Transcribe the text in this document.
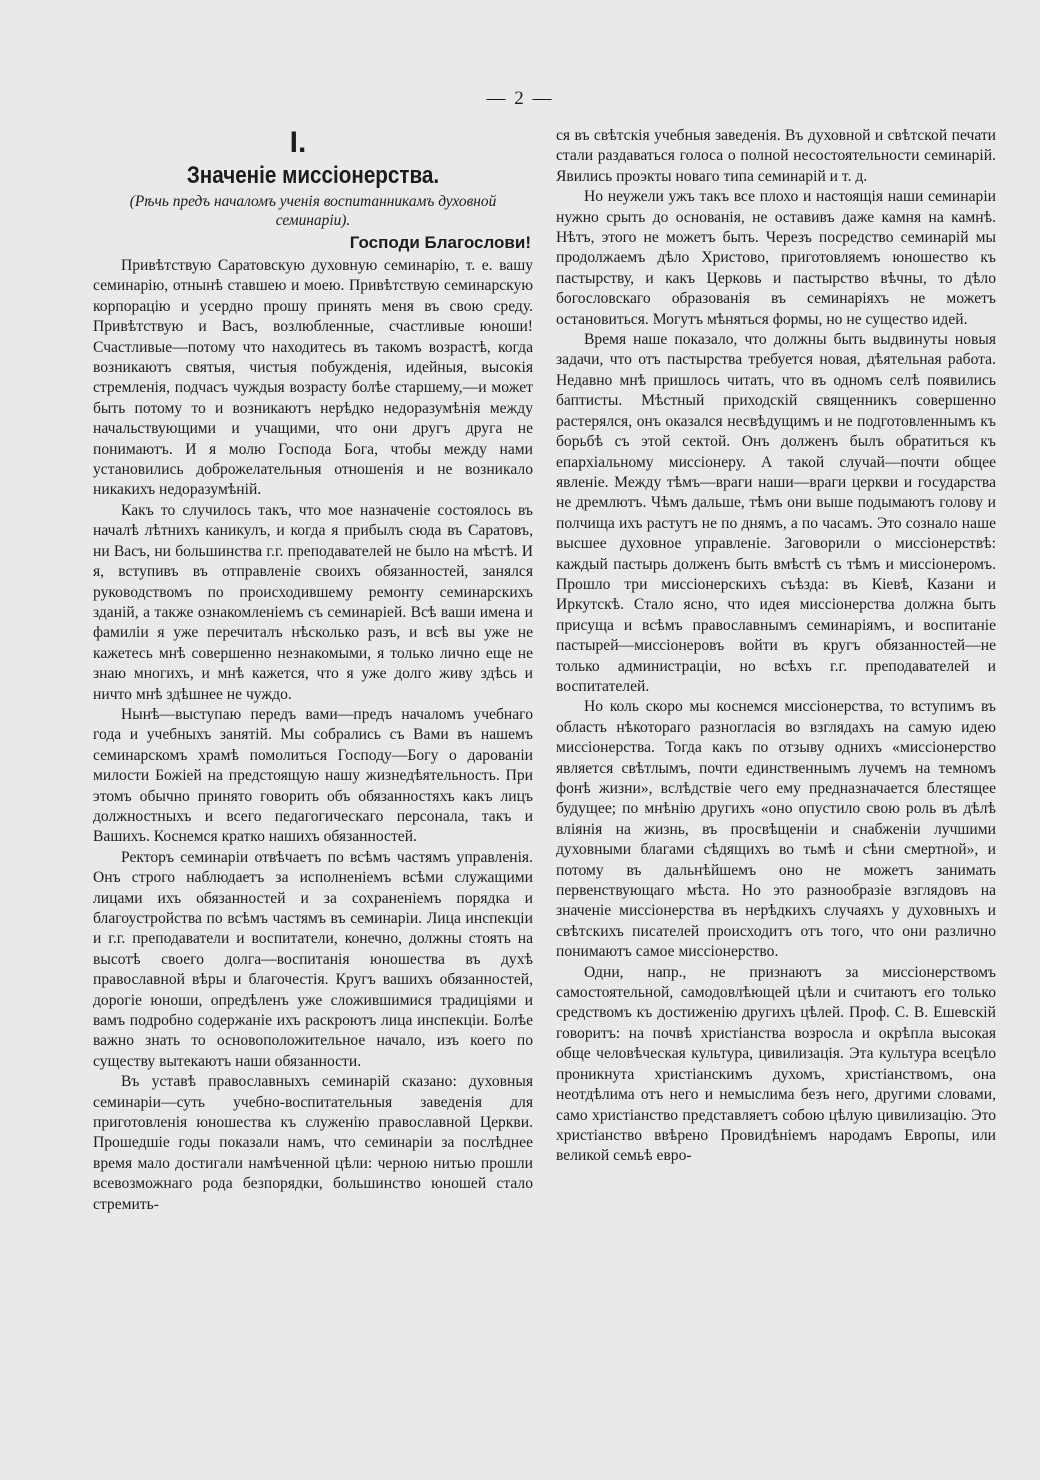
— 2 —
I.
Значеніе миссіонерства.
(Рѣчь предъ началомъ ученія воспитанникамъ духовной семинаріи).
Господи Благослови!

Привѣтствую Саратовскую духовную семинарію, т. е. вашу семинарію, отнынѣ ставшею и моею. Привѣтствую семинарскую корпорацію и усердно прошу принять меня въ свою среду. Привѣтствую и Васъ, возлюбленные, счастливые юноши! Счастливые—потому что находитесь въ такомъ возрастѣ, когда возникаютъ святыя, чистыя побужденія, идейныя, высокія стремленія, подчасъ чуждыя возрасту болѣе старшему,—и может быть потому то и возникаютъ нерѣдко недоразумѣнія между начальствующими и учащими, что они другъ друга не понимаютъ. И я молю Господа Бога, чтобы между нами установились доброжелательныя отношенія и не возникало никакихъ недоразумѣній.

Какъ то случилось такъ, что мое назначеніе состоялось въ началѣ лѣтнихъ каникулъ, и когда я прибылъ сюда въ Саратовъ, ни Васъ, ни большинства г.г. преподавателей не было на мѣстѣ. И я, вступивъ въ отправленіе своихъ обязанностей, занялся руководствомъ по происходившему ремонту семинарскихъ зданій, а также ознакомленіемъ съ семинаріей. Всѣ ваши имена и фамиліи я уже перечиталъ нѣсколько разъ, и всѣ вы уже не кажетесь мнѣ совершенно незнакомыми, я только лично еще не знаю многихъ, и мнѣ кажется, что я уже долго живу здѣсь и ничто мнѣ здѣшнее не чуждо.

Нынѣ—выступаю передъ вами—предъ началомъ учебнаго года и учебныхъ занятій. Мы собрались съ Вами въ нашемъ семинарскомъ храмѣ помолиться Господу—Богу о дарованіи милости Божіей на предстоящую нашу жизнедѣятельность. При этомъ обычно принято говорить объ обязанностяхъ какъ лицъ должностныхъ и всего педагогическаго персонала, такъ и Вашихъ. Коснемся кратко нашихъ обязанностей.

Ректоръ семинаріи отвѣчаетъ по всѣмъ частямъ управленія. Онъ строго наблюдаетъ за исполненіемъ всѣми служащими лицами ихъ обязанностей и за сохраненіемъ порядка и благоустройства по всѣмъ частямъ въ семинаріи. Лица инспекціи и г.г. преподаватели и воспитатели, конечно, должны стоять на высотѣ своего долга—воспитанія юношества въ духѣ православной вѣры и благочестія. Кругъ вашихъ обязанностей, дорогіе юноши, опредѣленъ уже сложившимися традиціями и вамъ подробно содержаніе ихъ раскроютъ лица инспекціи. Болѣе важно знать то основоположительное начало, изъ коего по существу вытекаютъ наши обязанности.

Въ уставѣ православныхъ семинарій сказано: духовныя семинаріи—суть учебно-воспитательныя заведенія для приготовленія юношества къ служенію православной Церкви. Прошедшіе годы показали намъ, что семинаріи за послѣднее время мало достигали намѣченной цѣли: черною нитью прошли всевозможнаго рода безпорядки, большинство юношей стало стремить-

ся въ свѣтскія учебныя заведенія. Въ духовной и свѣтской печати стали раздаваться голоса о полной несостоятельности семинарій. Явились проэкты новаго типа семинарій и т. д.

Но неужели ужъ такъ все плохо и настоящія наши семинаріи нужно срыть до основанія, не оставивъ даже камня на камнѣ. Нѣтъ, этого не можетъ быть. Черезъ посредство семинарій мы продолжаемъ дѣло Христово, приготовляемъ юношество къ пастырству, и какъ Церковь и пастырство вѣчны, то дѣло богословскаго образованія въ семинаріяхъ не можетъ остановиться. Могутъ мѣняться формы, но не существо идей.

Время наше показало, что должны быть выдвинуты новыя задачи, что отъ пастырства требуется новая, дѣятельная работа. Недавно мнѣ пришлось читать, что въ одномъ селѣ появились баптисты. Мѣстный приходскій священникъ совершенно растерялся, онъ оказался несвѣдущимъ и не подготовленнымъ къ борьбѣ съ этой сектой. Онъ долженъ былъ обратиться къ епархіальному миссіонеру. А такой случай—почти общее явленіе. Между тѣмъ—враги наши—враги церкви и государства не дремлютъ. Чѣмъ дальше, тѣмъ они выше подымаютъ голову и полчища ихъ растутъ не по днямъ, а по часамъ. Это сознало наше высшее духовное управленіе. Заговорили о миссіонерствѣ: каждый пастырь долженъ быть вмѣстѣ съ тѣмъ и миссіонеромъ. Прошло три миссіонерскихъ съѣзда: въ Кіевѣ, Казани и Иркутскѣ. Стало ясно, что идея миссіонерства должна быть присуща и всѣмъ православнымъ семинаріямъ, и воспитаніе пастырей—миссіонеровъ войти въ кругъ обязанностей—не только администраціи, но всѣхъ г.г. преподавателей и воспитателей.

Но коль скоро мы коснемся миссіонерства, то вступимъ въ область нѣкотораго разногласія во взглядахъ на самую идею миссіонерства. Тогда какъ по отзыву однихъ «миссіонерство является свѣтлымъ, почти единственнымъ лучемъ на темномъ фонѣ жизни», вслѣдствіе чего ему предназначается блестящее будущее; по мнѣнію другихъ «оно опустило свою роль въ дѣлѣ вліянія на жизнь, въ просвѣщеніи и снабженіи лучшими духовными благами сѣдящихъ во тьмѣ и сѣни смертной», и потому въ дальнѣйшемъ оно не можетъ занимать первенствующаго мѣста. Но это разнообразіе взглядовъ на значеніе миссіонерства въ нерѣдкихъ случаяхъ у духовныхъ и свѣтскихъ писателей происходитъ отъ того, что они различно понимаютъ самое миссіонерство.

Одни, напр., не признаютъ за миссіонерствомъ самостоятельной, самодовлѣющей цѣли и считаютъ его только средствомъ къ достиженію другихъ цѣлей. Проф. С. В. Ешевскій говоритъ: на почвѣ христіанства возросла и окрѣпла высокая обще человѣческая культура, цивилизація. Эта культура всецѣло проникнута христіанскимъ духомъ, христіанствомъ, она неотдѣлима отъ него и немыслима безъ него, другими словами, само христіанство представляетъ собою цѣлую цивилизацію. Это христіанство ввѣрено Провидѣніемъ народамъ Европы, или великой семьѣ евро-
